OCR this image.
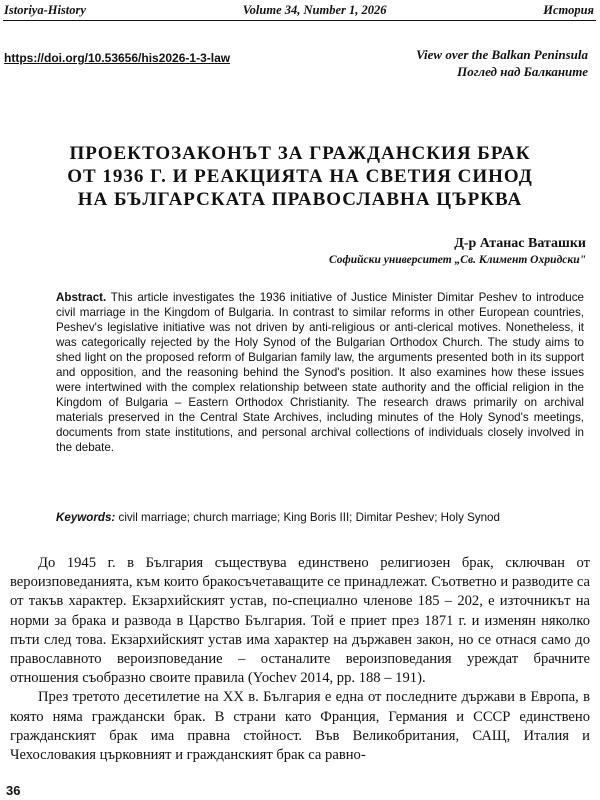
Istoriya-History	Volume 34, Number 1, 2026	История
https://doi.org/10.53656/his2026-1-3-law	View over the Balkan Peninsula
Поглед над Балканите
ПРОЕКТОЗАКОНЪТ ЗА ГРАЖДАНСКИЯ БРАК
ОТ 1936 Г. И РЕАКЦИЯТА НА СВЕТИЯ СИНОД
НА БЪЛГАРСКАТА ПРАВОСЛАВНА ЦЪРКВА
Д-р Атанас Ваташки
Софийски университет „Св. Климент Охридски"
Abstract. This article investigates the 1936 initiative of Justice Minister Dimitar Peshev to introduce civil marriage in the Kingdom of Bulgaria. In contrast to similar reforms in other European countries, Peshev's legislative initiative was not driven by anti-religious or anti-clerical motives. Nonetheless, it was categorically rejected by the Holy Synod of the Bulgarian Orthodox Church. The study aims to shed light on the proposed reform of Bulgarian family law, the arguments presented both in its support and opposition, and the reasoning behind the Synod's position. It also examines how these issues were intertwined with the complex relationship between state authority and the official religion in the Kingdom of Bulgaria – Eastern Orthodox Christianity. The research draws primarily on archival materials preserved in the Central State Archives, including minutes of the Holy Synod's meetings, documents from state institutions, and personal archival collections of individuals closely involved in the debate.
Keywords: civil marriage; church marriage; King Boris III; Dimitar Peshev; Holy Synod

До 1945 г. в България съществува единствено религиозен брак, сключван от вероизповеданията, към които бракосъчетаващите се принадлежат. Съответно и разводите са от такъв характер. Екзархийският устав, по-специално членове 185 – 202, е източникът на норми за брака и развода в Царство България. Той е приет през 1871 г. и изменян няколко пъти след това. Екзархийският устав има характер на държавен закон, но се отнася само до православното вероизповедание – останалите вероизповедания уреждат брачните отношения съобразно своите правила (Yochev 2014, pp. 188 – 191).

През третото десетилетие на XX в. България е една от последните държави в Европа, в която няма граждански брак. В страни като Франция, Германия и СССР единствено гражданският брак има правна стойност. Във Великобритания, САЩ, Италия и Чехословакия църковният и гражданският брак са равно-

36
